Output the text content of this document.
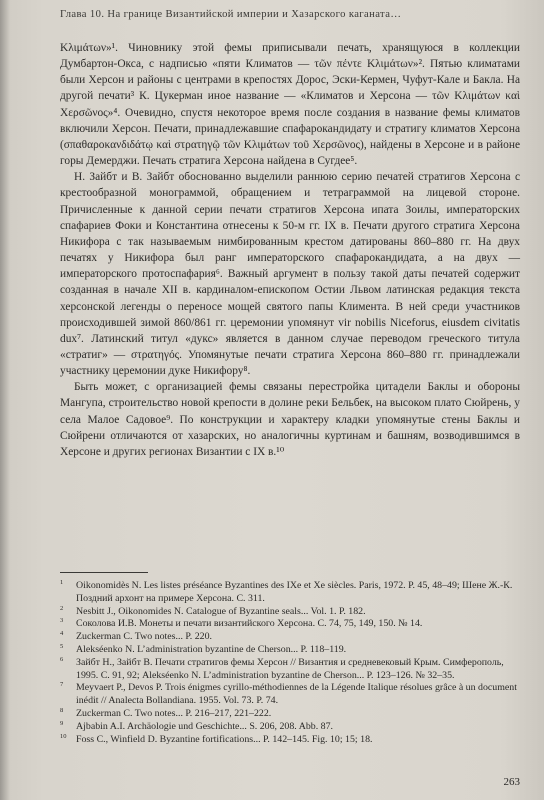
Глава 10. На границе Византийской империи и Хазарского каганата…

Κλιμάτων»¹. Чиновнику этой фемы приписывали печать, хранящуюся в коллекции Думбартон-Окса, с надписью «пяти Климатов — τῶν πέντε Κλιμάτων»². Пятью климатами были Херсон и районы с центрами в крепостях Дорос, Эски-Кермен, Чуфут-Кале и Бакла. На другой печати³ К. Цукерман иное название — «Климатов и Херсона — τῶν Κλιμάτων καὶ Χερσῶνος»⁴. Очевидно, спустя некоторое время после создания в название фемы климатов включили Херсон. Печати, принадлежавшие спафарокандидату и стратигу климатов Херсона (σπαθαροκανδιδάτῳ καὶ στρατηγῷ τῶν Κλιμάτων τοῦ Χερσῶνος), найдены в Херсоне и в районе горы Демерджи. Печать стратига Херсона найдена в Сугдее⁵.

Н. Зайбт и В. Зайбт обоснованно выделили раннюю серию печатей стратигов Херсона с крестообразной монограммой, обращением и тетраграммой на лицевой стороне. Причисленные к данной серии печати стратигов Херсона ипата Зоилы, императорских спафариев Фоки и Константина отнесены к 50-м гг. IX в. Печати другого стратига Херсона Никифора с так называемым нимбированным крестом датированы 860–880 гг. На двух печатях у Никифора был ранг императорского спафарокандидата, а на двух — императорского протоспафария⁶. Важный аргумент в пользу такой даты печатей содержит созданная в начале XII в. кардиналом-епископом Остии Львом латинская редакция текста херсонской легенды о переносе мощей святого папы Климента. В ней среди участников происходившей зимой 860/861 гг. церемонии упомянут vir nobilis Niceforus, eiusdem civitatis dux⁷. Латинский титул «дукс» является в данном случае переводом греческого титула «стратиг» — στρατηγός. Упомянутые печати стратига Херсона 860–880 гг. принадлежали участнику церемонии дуке Никифору⁸.

Быть может, с организацией фемы связаны перестройка цитадели Баклы и обороны Мангупа, строительство новой крепости в долине реки Бельбек, на высоком плато Сюйрень, у села Малое Садовое⁹. По конструкции и характеру кладки упомянутые стены Баклы и Сюйрени отличаются от хазарских, но аналогичны куртинам и башням, возводившимся в Херсоне и других регионах Византии с IX в.¹⁰

1 Oikonomidès N. Les listes préséance Byzantines des IXe et Xe siècles. Paris, 1972. P. 45, 48–49; Шене Ж.-К. Поздний архонт на примере Херсона. С. 311.

2 Nesbitt J., Oikonomides N. Catalogue of Byzantine seals... Vol. 1. P. 182.

3 Соколова И.В. Монеты и печати византийского Херсона. С. 74, 75, 149, 150. № 14.

4 Zuckerman C. Two notes... P. 220.

5 Alekséenko N. L’administration byzantine de Cherson... P. 118–119.

6 Зайбт Н., Зайбт В. Печати стратигов фемы Херсон // Византия и средневековый Крым. Симферополь, 1995. С. 91, 92; Alekséenko N. L’administration byzantine de Cherson... P. 123–126. № 32–35.

7 Meyvaert P., Devos P. Trois énigmes cyrillo-méthodiennes de la Légende Italique résolues grâce à un document inédit // Analecta Bollandiana. 1955. Vol. 73. P. 74.

8 Zuckerman C. Two notes... P. 216–217, 221–222.

9 Ajbabin A.I. Archäologie und Geschichte... S. 206, 208. Abb. 87.

10 Foss C., Winfield D. Byzantine fortifications... P. 142–145. Fig. 10; 15; 18.

263
